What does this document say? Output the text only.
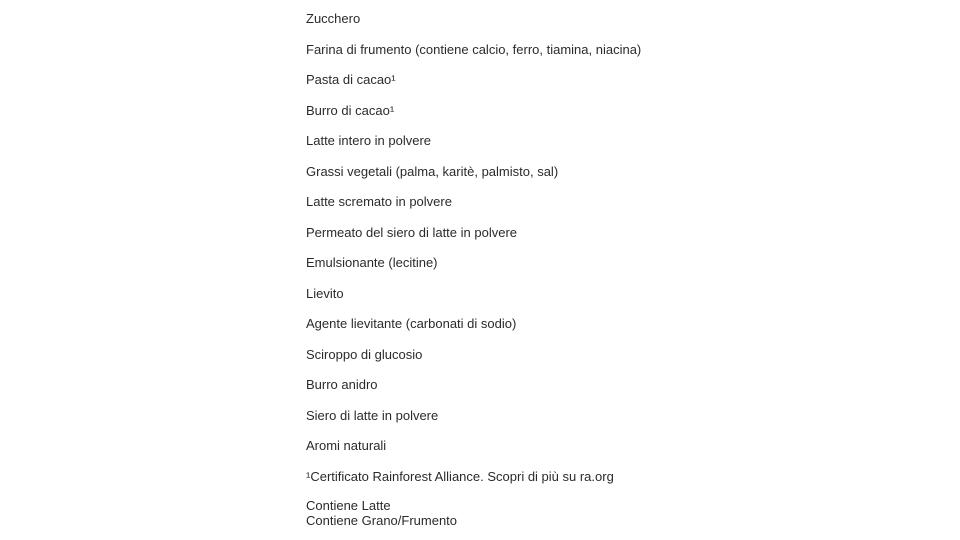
Zucchero
Farina di frumento (contiene calcio, ferro, tiamina, niacina)
Pasta di cacao¹
Burro di cacao¹
Latte intero in polvere
Grassi vegetali (palma, karitè, palmisto, sal)
Latte scremato in polvere
Permeato del siero di latte in polvere
Emulsionante (lecitine)
Lievito
Agente lievitante (carbonati di sodio)
Sciroppo di glucosio
Burro anidro
Siero di latte in polvere
Aromi naturali
¹Certificato Rainforest Alliance. Scopri di più su ra.org
Contiene Latte
Contiene Grano/Frumento
